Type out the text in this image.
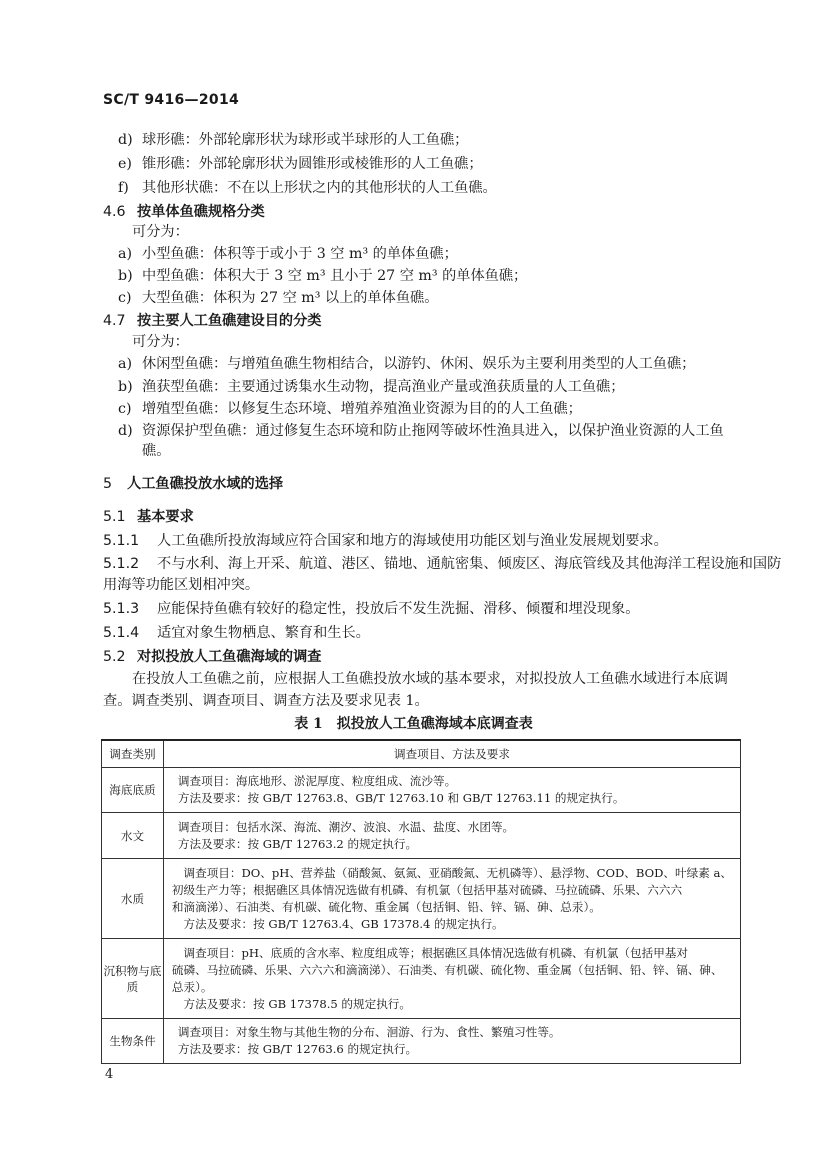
SC/T 9416—2014
d) 球形礁：外部轮廓形状为球形或半球形的人工鱼礁；
e) 锥形礁：外部轮廓形状为圆锥形或棱锥形的人工鱼礁；
f) 其他形状礁：不在以上形状之内的其他形状的人工鱼礁。
4.6 按单体鱼礁规格分类
可分为：
a) 小型鱼礁：体积等于或小于 3 空 m³ 的单体鱼礁；
b) 中型鱼礁：体积大于 3 空 m³ 且小于 27 空 m³ 的单体鱼礁；
c) 大型鱼礁：体积为 27 空 m³ 以上的单体鱼礁。
4.7 按主要人工鱼礁建设目的分类
可分为：
a) 休闲型鱼礁：与增殖鱼礁生物相结合，以游钓、休闲、娱乐为主要利用类型的人工鱼礁；
b) 渔获型鱼礁：主要通过诱集水生动物，提高渔业产量或渔获质量的人工鱼礁；
c) 增殖型鱼礁：以修复生态环境、增殖养殖渔业资源为目的的人工鱼礁；
d) 资源保护型鱼礁：通过修复生态环境和防止拖网等破坏性渔具进入，以保护渔业资源的人工鱼
礁。
5 人工鱼礁投放水域的选择
5.1 基本要求
5.1.1 人工鱼礁所投放海域应符合国家和地方的海域使用功能区划与渔业发展规划要求。
5.1.2 不与水利、海上开采、航道、港区、锚地、通航密集、倾废区、海底管线及其他海洋工程设施和国防
用海等功能区划相冲突。
5.1.3 应能保持鱼礁有较好的稳定性，投放后不发生洗掘、滑移、倾覆和埋没现象。
5.1.4 适宜对象生物栖息、繁育和生长。
5.2 对拟投放人工鱼礁海域的调查
在投放人工鱼礁之前，应根据人工鱼礁投放水域的基本要求，对拟投放人工鱼礁水域进行本底调
查。调查类别、调查项目、调查方法及要求见表 1。
表 1　拟投放人工鱼礁海域本底调查表
调查类别	调查项目、方法及要求
海底底质	调查项目：海底地形、淤泥厚度、粒度组成、流沙等。
方法及要求：按 GB/T 12763.8、GB/T 12763.10 和 GB/T 12763.11 的规定执行。

水文	调查项目：包括水深、海流、潮汐、波浪、水温、盐度、水团等。
方法及要求：按 GB/T 12763.2 的规定执行。

水质	　调查项目：DO、pH、营养盐（硝酸氮、氨氮、亚硝酸氮、无机磷等）、悬浮物、COD、BOD、叶绿素 a、
初级生产力等；根据礁区具体情况选做有机磷、有机氯（包括甲基对硫磷、马拉硫磷、乐果、六六六
和滴滴涕）、石油类、有机碳、硫化物、重金属（包括铜、铅、锌、镉、砷、总汞）。
　方法及要求：按 GB/T 12763.4、GB 17378.4 的规定执行。

沉积物与底质	　调查项目：pH、底质的含水率、粒度组成等；根据礁区具体情况选做有机磷、有机氯（包括甲基对
硫磷、马拉硫磷、乐果、六六六和滴滴涕）、石油类、有机碳、硫化物、重金属（包括铜、铅、锌、镉、砷、
总汞）。
　方法及要求：按 GB 17378.5 的规定执行。

生物条件	调查项目：对象生物与其他生物的分布、洄游、行为、食性、繁殖习性等。
方法及要求：按 GB/T 12763.6 的规定执行。
4
